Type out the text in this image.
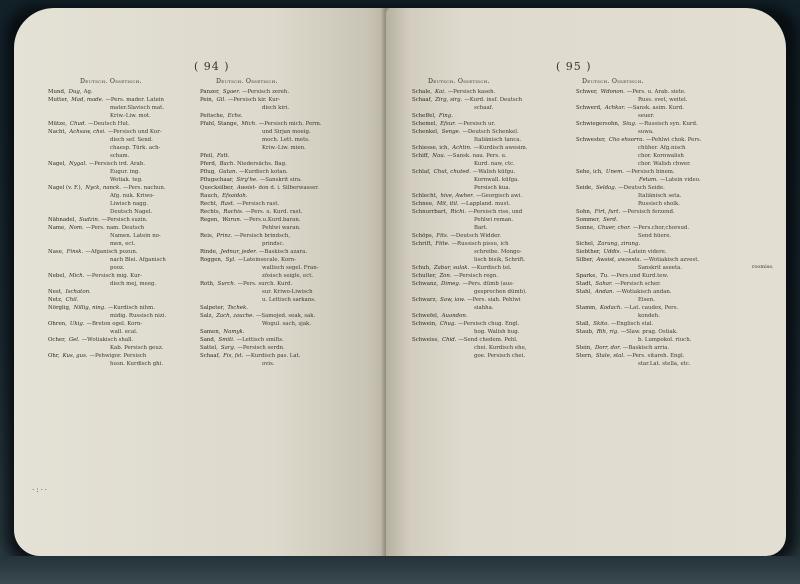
( 94 )
Deutsch. Ossetisch.	Deutsch. Ossetisch.
Mund, Dug, Ag.
Mutter, Mad, made. —Pers. mader. Latein
mater.Slavisch mat.
Kriw.-Liw. mot.
Mütze, Chud. —Deutsch Hut.
Nacht, Achsaw, chsi. —Persisch und Kur-
disch sef. Send.
chaesp. Türk. ach-
scham.
Nagel, Nygal. —Persisch ird. Arab.
Eugur. ing.
Wotiak. teg.
Nagel (v. F.), Nyck, nanck. —Pers. nachun.
Afg. nuk. Kriwo-
Liwisch nagg.
Deutsch Nagel.
Nähnadel, Sudzin. —Persisch suzin.
Name, Nom. —Pers. nam. Deutsch
Namen. Latein no-
men, ect.
Nase, Finsk. —Afganisch pozun.
nach Blei. Afganisch
pooz.
Nebel, Mich. —Persisch mig. Kur-
disch mej, meeg.
Nest, Ischaton.
Netz, Chil.
Nörglig, Nillig, ning. —Kurdisch nihm.
midig. Russisch nizi.
Ohren, Ukig. —Breton ogel. Korn-
wall. ecal.
Ocher, Gel. —Wotiakisch shall.
Kab. Persisch geuz.
Ohr, Kus, gus. —Pehwigor. Persisch
husn. Kurdisch ghi.
Panzer, Sgaer. —Persisch zereh.
Pein, Gil. —Persisch kir. Kur-
disch kiri.
Peitsche, Echs.
Pfahl, Stange, Mich. —Persisch mich. Perm.
und Sirjan moeig.
moch. Lett. mets.
Kriw.-Liw. mien.
Pfeil, Fatt.
Pferd, Bach. Niedersächs. Bag.
Pflug, Gutan. —Kurdisch kotan.
Pflugschaar, Sirg'he. —Sanskrit sira.
Quecksilber, Awsist- don d. i. Silberwasser.
Rauch, Efsaidah.
Recht, Rast. —Persisch rast.
Rechts, Rachis. —Pers. u. Kurd. rast.
Regen, Warun. —Pers.u.Kurd.baran.
Pehlwi waran.
Reis, Prinz. —Persisch brindsch,
prindsc.
Rinde, Jednur, jeder. —Baskisch azara.
Roggen, Syl. —Lateinsecale. Korn-
wallisch segel. Fran-
zösisch seigle, ect.
Roth, Surch. —Pers. surch. Kurd.
sur. Kriwo-Liwisch
u. Lettisch sarkans.
Salpeter, Tschek.
Salz, Zach, zauche. —Samojed. seak, sak.
Wogul. sach, sjak.
Samen, Namyk.
Sand, Smiti. —Lettisch smilts.
Sattel, Sarg. —Persisch serdn.
Schaaf, Fis, fst. —Kurdisch pas. Lat.
ovis.
·:··
( 95 )
Deutsch. Ossetisch.	Deutsch. Ossetisch.
Schale, Kai. —Persisch kaseh.
Schaaf, Zirg, sirg. —Kurd. insf. Deutsch
schaaf.
Scheffel, Fing.
Schemel, Efsur. —Persisch ur.
Schenkel, Senge. —Deutsch Schenkel.
Italiänisch tanca.
Schiesse, ich, Achtin. —Kurdisch awesim.
Schiff, Nau. —Sansk. nau. Pers. u.
Kurd. naw, ctc.
Schlaf, Chut, chuted. —Walish küfgu.
Kornwall. küfga.
Persisch kua.
Schlecht, hive, Awher. —Georgisch awi.
Schnee, Mit, itil. —Lappland. must.
Schnurrbart, Richi. —Persisch rise, und
Pehlwi reman.
Bart.
Schöps, Fits. —Deutsch Widder.
Schrift, Fiite. —Russisch pissu, ich
schreibe. Mongo-
lisch bisik, Schrift.
Schuh, Zabur, sulak. —Kurdisch tel.
Schulter, Zon. —Persisch regn.
Schwanz, Dimeg. —Pers. dümb (aus-
gesprochen dümb).
Schwarz, Saw, iaw. —Pers. siah. Pehlwi
siahha.
Schwefel, Auandon.
Schwein, Chug. —Persisch chug. Engl.
hog. Walish hug.
Schweiss, Chid. —Send chedem. Pehl.
chei. Kurdisch ehe,
goe. Persisch chei.
Schwer, Wdonon. —Pers. u. Arab. siete.
Russ. svet, weitel.
Schwerd, Achkar. —Sansk. asim. Kurd.
seuer.
Schwiegersohn, Siug. —Russisch syn. Kurd.
suwa.
Schwester, Cho ehsorra. —Pehlwi chok. Pers.
chüher. Afg.nisch
chor. Kornwalish
chor. Walish chwer.
Sehe, ich, Unem. —Persisch binem.
Fetam. —Latein video.
Seide, Seldag. —Deutsch Seide.
Italiänisch seta.
Russisch sholk.
Sohn, Firt, furt. —Persisch ferzend.
Sommer, Serd.
Sonne, Chuer, chor. —Pers.chor,chorsud.
Send hüere.
Sichel, Zarung, zirung.
Siebther, Uddis. —Latein videre.
Silber, Awsist, awzesta. —Wotiakisch azvest.
Sanskrit aseeta.
Sparke, Tu. —Pers.und Kurd.tew.
Stadt, Sahar. —Persisch scher.
Stahl, Andan. —Wotiakisch andan.
Eisen.
Stamm, Kodach. —Lat. caudex, Pers.
kondeh.
Stall, Skito. —Englisch stal.
Staub, Rih, rig. —Slaw. prag. Ostiak.
b. Lumpokol. riuch.
Stein, Dorr, dor. —Baskisch arria.
Stern, Stale, stal. —Pers. sitareh. Engl.
star.Lat. stella, etc.
roomiss.
